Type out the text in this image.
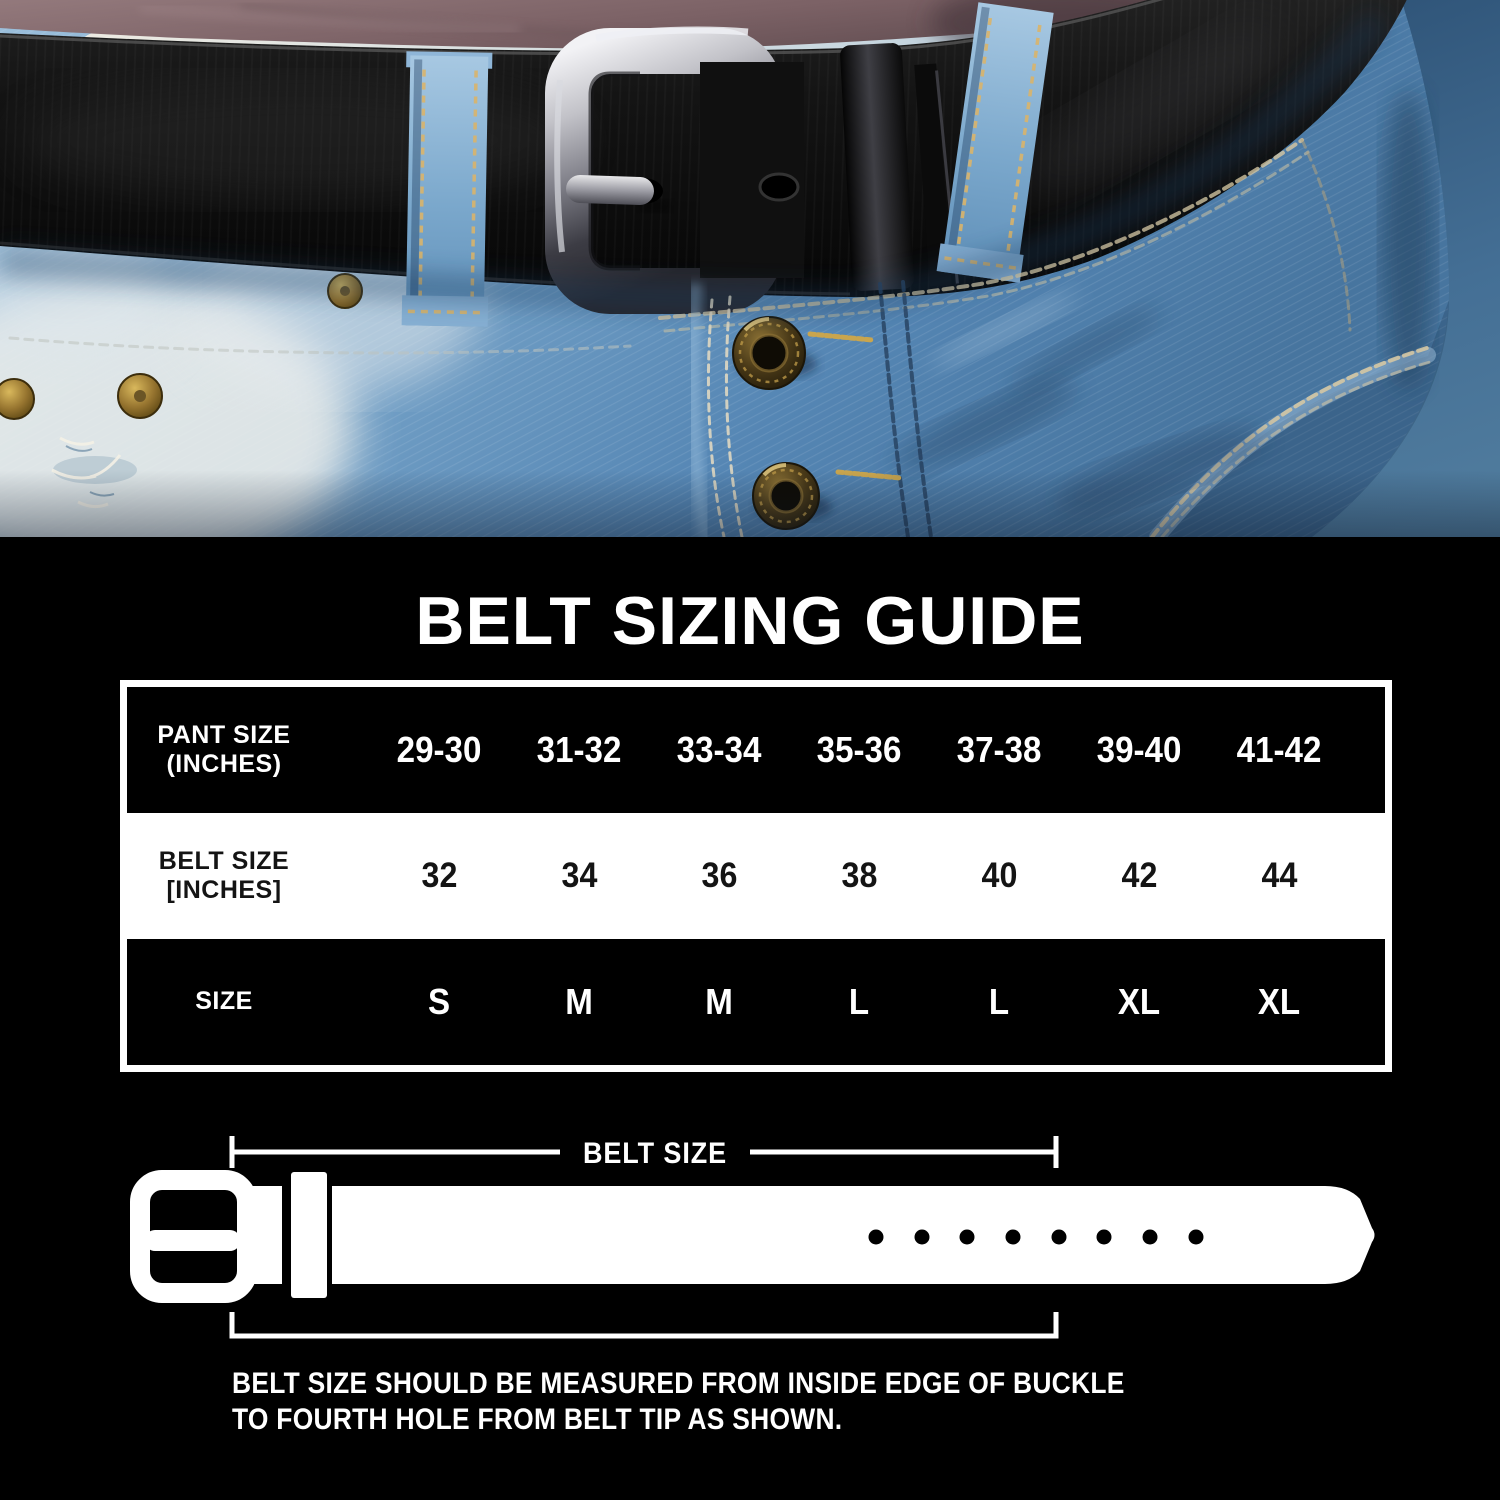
BELT SIZING GUIDE
PANT SIZE
(INCHES)	29-30 31-32 33-34 35-36 37-38 39-40 41-42
BELT SIZE
[INCHES]	32	34	36	38	40	42	44
SIZE	S	M	M	L	L	XL	XL
BELT SIZE
BELT SIZE SHOULD BE MEASURED FROM INSIDE EDGE OF BUCKLE
TO FOURTH HOLE FROM BELT TIP AS SHOWN.
